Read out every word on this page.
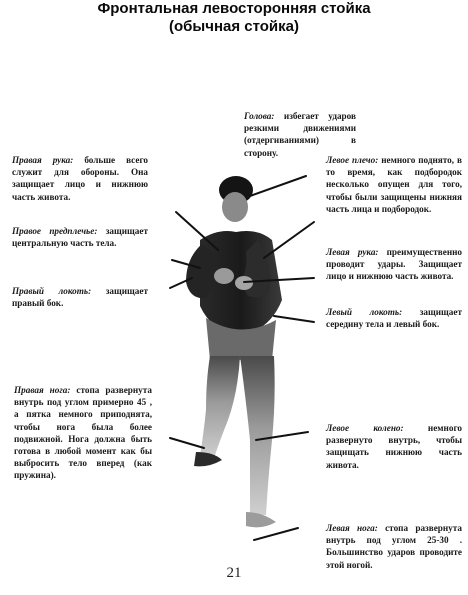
Фронтальная левосторонняя стойка
(обычная стойка)
Голова: избегает ударов резкими движениями (отдергиваниями) в сторону.
Правая рука: больше всего служит для обороны. Она защищает лицо и нижнюю часть живота.
Правое предплечье: защищает центральную часть тела.
Правый локоть: защищает правый бок.
Правая нога: стопа развернута внутрь под углом примерно 45 , а пятка немного приподнята, чтобы нога была более подвижной. Нога должна быть готова в любой момент как бы выбросить тело вперед (как пружина).
Левое плечо: немного поднято, в то время, как подбородок несколько опущен для того, чтобы были защищены нижняя часть лица и подбородок.
Левая рука: преимущественно проводит удары. Защищает лицо и нижнюю часть живота.
Левый локоть: защищает середину тела и левый бок.
Левое колено: немного развернуто внутрь, чтобы защищать нижнюю часть живота.
Левая нога: стопа развернута внутрь под углом 25-30 . Большинство ударов проводите этой ногой.
21
